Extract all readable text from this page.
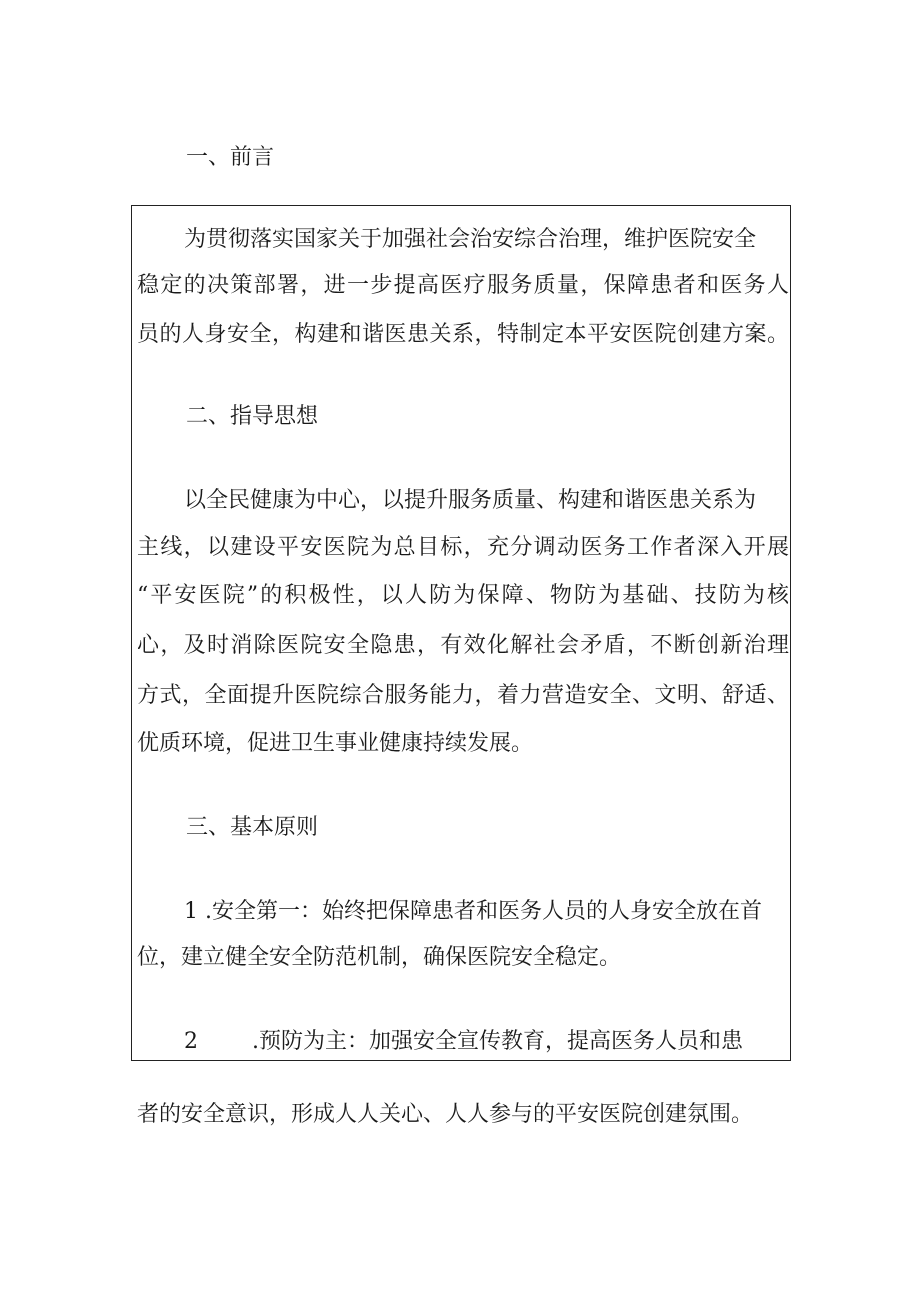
一、前言
为贯彻落实国家关于加强社会治安综合治理，维护医院安全
稳定的决策部署，进一步提高医疗服务质量，保障患者和医务人
员的人身安全，构建和谐医患关系，特制定本平安医院创建方案。
二、指导思想
以全民健康为中心，以提升服务质量、构建和谐医患关系为
主线，以建设平安医院为总目标，充分调动医务工作者深入开展
“平安医院”的积极性，以人防为保障、物防为基础、技防为核
心，及时消除医院安全隐患，有效化解社会矛盾，不断创新治理
方式，全面提升医院综合服务能力，着力营造安全、文明、舒适、
优质环境，促进卫生事业健康持续发展。
三、基本原则
1 .安全第一：始终把保障患者和医务人员的人身安全放在首
位，建立健全安全防范机制，确保医院安全稳定。
2 .预防为主：加强安全宣传教育，提高医务人员和患
者的安全意识，形成人人关心、人人参与的平安医院创建氛围。
